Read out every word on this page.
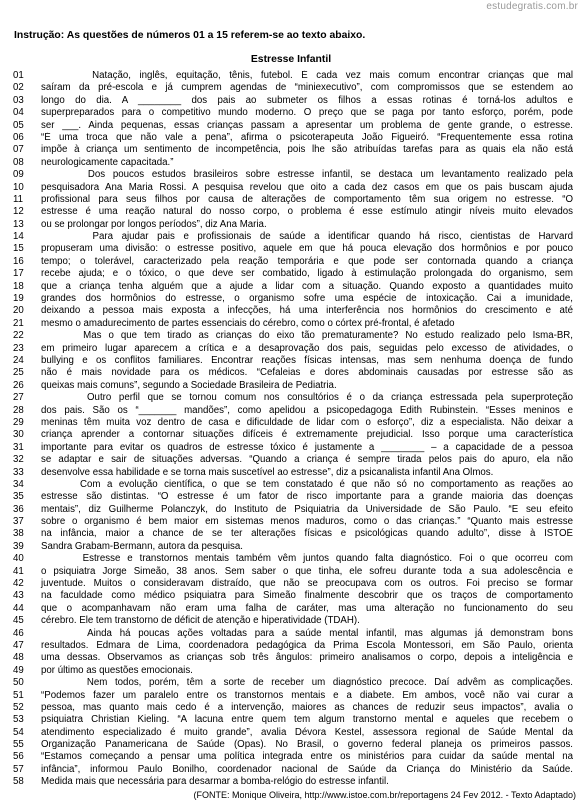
estudegratis.com.br
Instrução: As questões de números 01 a 15 referem-se ao texto abaixo.
Estresse Infantil
01	Natação, inglês, equitação, tênis, futebol. É cada vez mais comum encontrar crianças que mal
02	saíram da pré-escola e já cumprem agendas de “miniexecutivo”, com compromissos que se estendem ao
03	longo do dia. A ________ dos pais ao submeter os filhos a essas rotinas é torná-los adultos e
04	superpreparados para o competitivo mundo moderno. O preço que se paga por tanto esforço, porém, pode
05	ser ___. Ainda pequenas, essas crianças passam a apresentar um problema de gente grande, o estresse.
06	“É uma troca que não vale a pena”, afirma o psicoterapeuta João Figueiró. “Frequentemente essa rotina
07	impõe à criança um sentimento de incompetência, pois lhe são atribuídas tarefas para as quais ela não está
08	neurologicamente capacitada.”
09	Dos poucos estudos brasileiros sobre estresse infantil, se destaca um levantamento realizado pela
10	pesquisadora Ana Maria Rossi. A pesquisa revelou que oito a cada dez casos em que os pais buscam ajuda
11	profissional para seus filhos por causa de alterações de comportamento têm sua origem no estresse. “O
12	estresse é uma reação natural do nosso corpo, o problema é esse estímulo atingir níveis muito elevados
13	ou se prolongar por longos períodos”, diz Ana Maria.
14	Para ajudar pais e profissionais de saúde a identificar quando há risco, cientistas de Harvard
15	propuseram uma divisão: o estresse positivo, aquele em que há pouca elevação dos hormônios e por pouco
16	tempo; o tolerável, caracterizado pela reação temporária e que pode ser contornada quando a criança
17	recebe ajuda; e o tóxico, o que deve ser combatido, ligado à estimulação prolongada do organismo, sem
18	que a criança tenha alguém que a ajude a lidar com a situação. Quando exposto a quantidades muito
19	grandes dos hormônios do estresse, o organismo sofre uma espécie de intoxicação. Cai a imunidade,
20	deixando a pessoa mais exposta a infecções, há uma interferência nos hormônios do crescimento e até
21	mesmo o amadurecimento de partes essenciais do cérebro, como o córtex pré-frontal, é afetado
22	Mas o que tem tirado as crianças do eixo tão prematuramente? No estudo realizado pelo Isma-BR,
23	em primeiro lugar aparecem a crítica e a desaprovação dos pais, seguidas pelo excesso de atividades, o
24	bullying e os conflitos familiares. Encontrar reações físicas intensas, mas sem nenhuma doença de fundo
25	não é mais novidade para os médicos. “Cefaleias e dores abdominais causadas por estresse são as
26	queixas mais comuns”, segundo a Sociedade Brasileira de Pediatria.
27	Outro perfil que se tornou comum nos consultórios é o da criança estressada pela superproteção
28	dos pais. São os “_______ mandões”, como apelidou a psicopedagoga Edith Rubinstein. “Esses meninos e
29	meninas têm muita voz dentro de casa e dificuldade de lidar com o esforço”, diz a especialista. Não deixar a
30	criança aprender a contornar situações difíceis é extremamente prejudicial. Isso porque uma característica
31	importante para evitar os quadros de estresse tóxico é justamente a ________ – a capacidade de a pessoa
32	se adaptar e sair de situações adversas. “Quando a criança é sempre tirada pelos pais do apuro, ela não
33	desenvolve essa habilidade e se torna mais suscetível ao estresse”, diz a psicanalista infantil Ana Olmos.
34	Com a evolução científica, o que se tem constatado é que não só no comportamento as reações ao
35	estresse são distintas. “O estresse é um fator de risco importante para a grande maioria das doenças
36	mentais”, diz Guilherme Polanczyk, do Instituto de Psiquiatria da Universidade de São Paulo. “E seu efeito
37	sobre o organismo é bem maior em sistemas menos maduros, como o das crianças.” “Quanto mais estresse
38	na infância, maior a chance de se ter alterações físicas e psicológicas quando adulto”, disse à ISTOÉ
39	Sandra Grabam-Bermann, autora da pesquisa.
40	Estresse e transtornos mentais também vêm juntos quando falta diagnóstico. Foi o que ocorreu com
41	o psiquiatra Jorge Simeão, 38 anos. Sem saber o que tinha, ele sofreu durante toda a sua adolescência e
42	juventude. Muitos o consideravam distraído, que não se preocupava com os outros. Foi preciso se formar
43	na faculdade como médico psiquiatra para Simeão finalmente descobrir que os traços de comportamento
44	que o acompanhavam não eram uma falha de caráter, mas uma alteração no funcionamento do seu
45	cérebro. Ele tem transtorno de déficit de atenção e hiperatividade (TDAH).
46	Ainda há poucas ações voltadas para a saúde mental infantil, mas algumas já demonstram bons
47	resultados. Edmara de Lima, coordenadora pedagógica da Prima Escola Montessori, em São Paulo, orienta
48	uma dessas. Observamos as crianças sob três ângulos: primeiro analisamos o corpo, depois a inteligência e
49	por último as questões emocionais.
50	Nem todos, porém, têm a sorte de receber um diagnóstico precoce. Daí advêm as complicações.
51	“Podemos fazer um paralelo entre os transtornos mentais e a diabete. Em ambos, você não vai curar a
52	pessoa, mas quanto mais cedo é a intervenção, maiores as chances de reduzir seus impactos”, avalia o
53	psiquiatra Christian Kieling. “A lacuna entre quem tem algum transtorno mental e aqueles que recebem o
54	atendimento especializado é muito grande”, avalia Dévora Kestel, assessora regional de Saúde Mental da
55	Organização Panamericana de Saúde (Opas). No Brasil, o governo federal planeja os primeiros passos.
56	“Estamos começando a pensar uma política integrada entre os ministérios para cuidar da saúde mental na
57	infância”, informou Paulo Bonilho, coordenador nacional de Saúde da Criança do Ministério da Saúde.
58	Medida mais que necessária para desarmar a bomba-relógio do estresse infantil.
(FONTE: Monique Oliveira, http://www.istoe.com.br/reportagens 24 Fev 2012. - Texto Adaptado)
